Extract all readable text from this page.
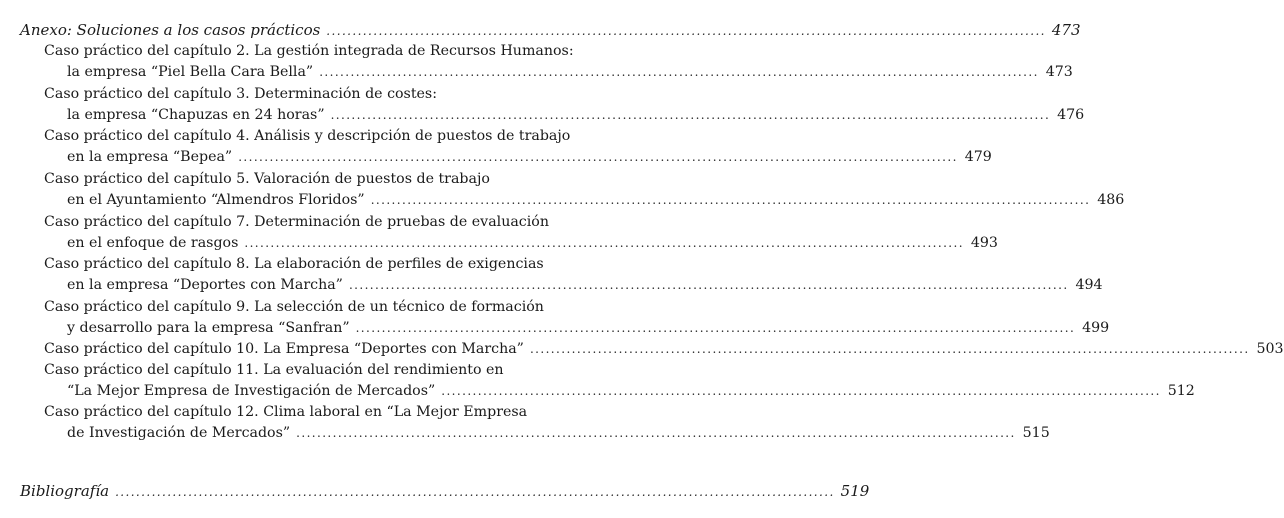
Anexo: Soluciones a los casos prácticos .......................................................................................................................................... 473
Caso práctico del capítulo 2. La gestión integrada de Recursos Humanos:
la empresa “Piel Bella Cara Bella” .......................................................................................................................................... 473
Caso práctico del capítulo 3. Determinación de costes:
la empresa “Chapuzas en 24 horas” .......................................................................................................................................... 476
Caso práctico del capítulo 4. Análisis y descripción de puestos de trabajo
en la empresa “Bepea” .......................................................................................................................................... 479
Caso práctico del capítulo 5. Valoración de puestos de trabajo
en el Ayuntamiento “Almendros Floridos” .......................................................................................................................................... 486
Caso práctico del capítulo 7. Determinación de pruebas de evaluación
en el enfoque de rasgos .......................................................................................................................................... 493
Caso práctico del capítulo 8. La elaboración de perfiles de exigencias
en la empresa “Deportes con Marcha” .......................................................................................................................................... 494
Caso práctico del capítulo 9. La selección de un técnico de formación
y desarrollo para la empresa “Sanfran” .......................................................................................................................................... 499
Caso práctico del capítulo 10. La Empresa “Deportes con Marcha” .......................................................................................................................................... 503
Caso práctico del capítulo 11. La evaluación del rendimiento en
“La Mejor Empresa de Investigación de Mercados” .......................................................................................................................................... 512
Caso práctico del capítulo 12. Clima laboral en “La Mejor Empresa
de Investigación de Mercados” .......................................................................................................................................... 515
Bibliografía .......................................................................................................................................... 519
